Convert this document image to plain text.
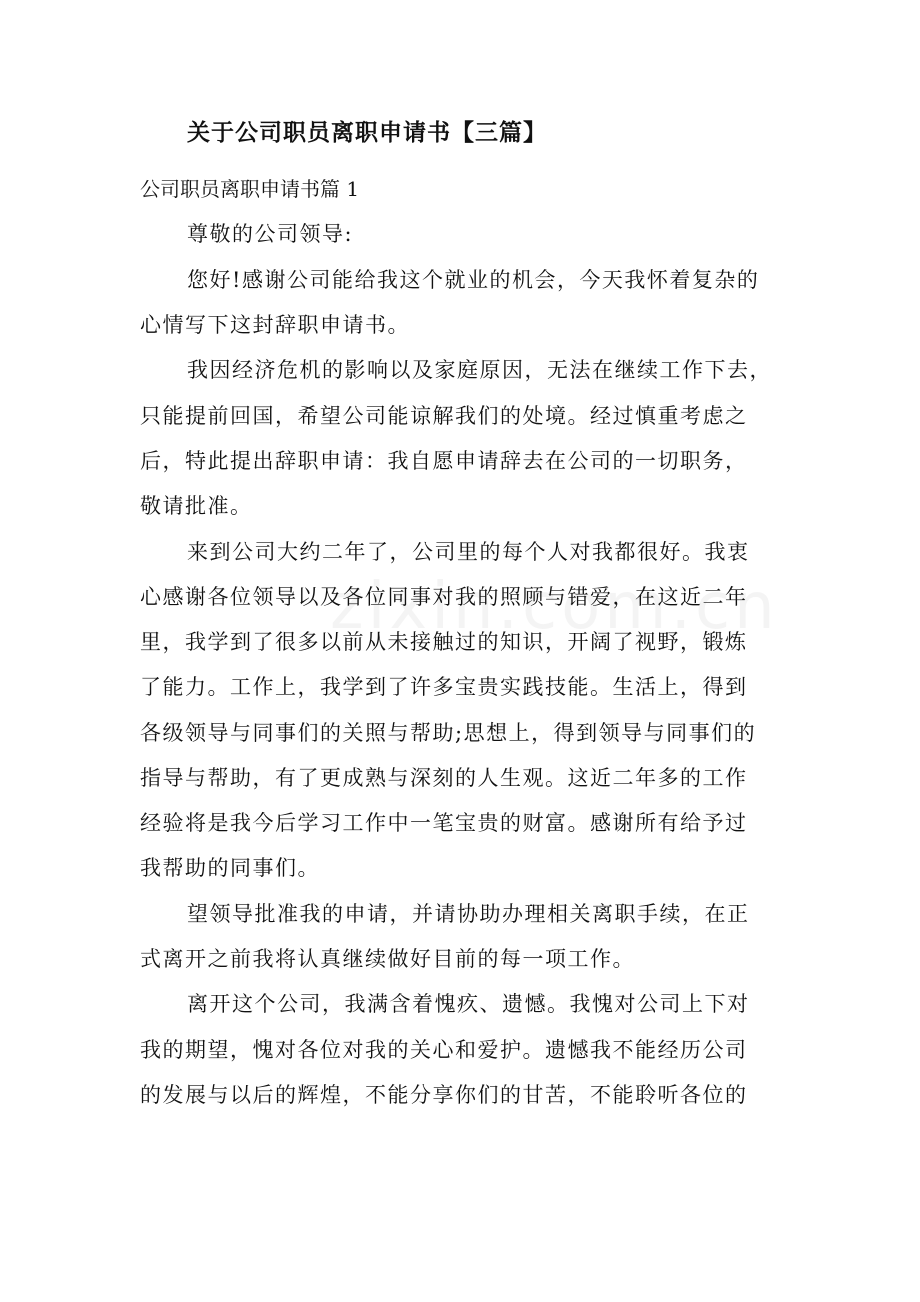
关于公司职员离职申请书【三篇】
公司职员离职申请书篇 1
尊敬的公司领导:
您好!感谢公司能给我这个就业的机会，今天我怀着复杂的
心情写下这封辞职申请书。
我因经济危机的影响以及家庭原因，无法在继续工作下去，
只能提前回国，希望公司能谅解我们的处境。经过慎重考虑之
后，特此提出辞职申请：我自愿申请辞去在公司的一切职务，
敬请批准。
来到公司大约二年了，公司里的每个人对我都很好。我衷
心感谢各位领导以及各位同事对我的照顾与错爱，在这近二年
里，我学到了很多以前从未接触过的知识，开阔了视野，锻炼
了能力。工作上，我学到了许多宝贵实践技能。生活上，得到
各级领导与同事们的关照与帮助;思想上，得到领导与同事们的
指导与帮助，有了更成熟与深刻的人生观。这近二年多的工作
经验将是我今后学习工作中一笔宝贵的财富。感谢所有给予过
我帮助的同事们。
望领导批准我的申请，并请协助办理相关离职手续，在正
式离开之前我将认真继续做好目前的每一项工作。
离开这个公司，我满含着愧疚、遗憾。我愧对公司上下对
我的期望，愧对各位对我的关心和爱护。遗憾我不能经历公司
的发展与以后的辉煌，不能分享你们的甘苦，不能聆听各位的
